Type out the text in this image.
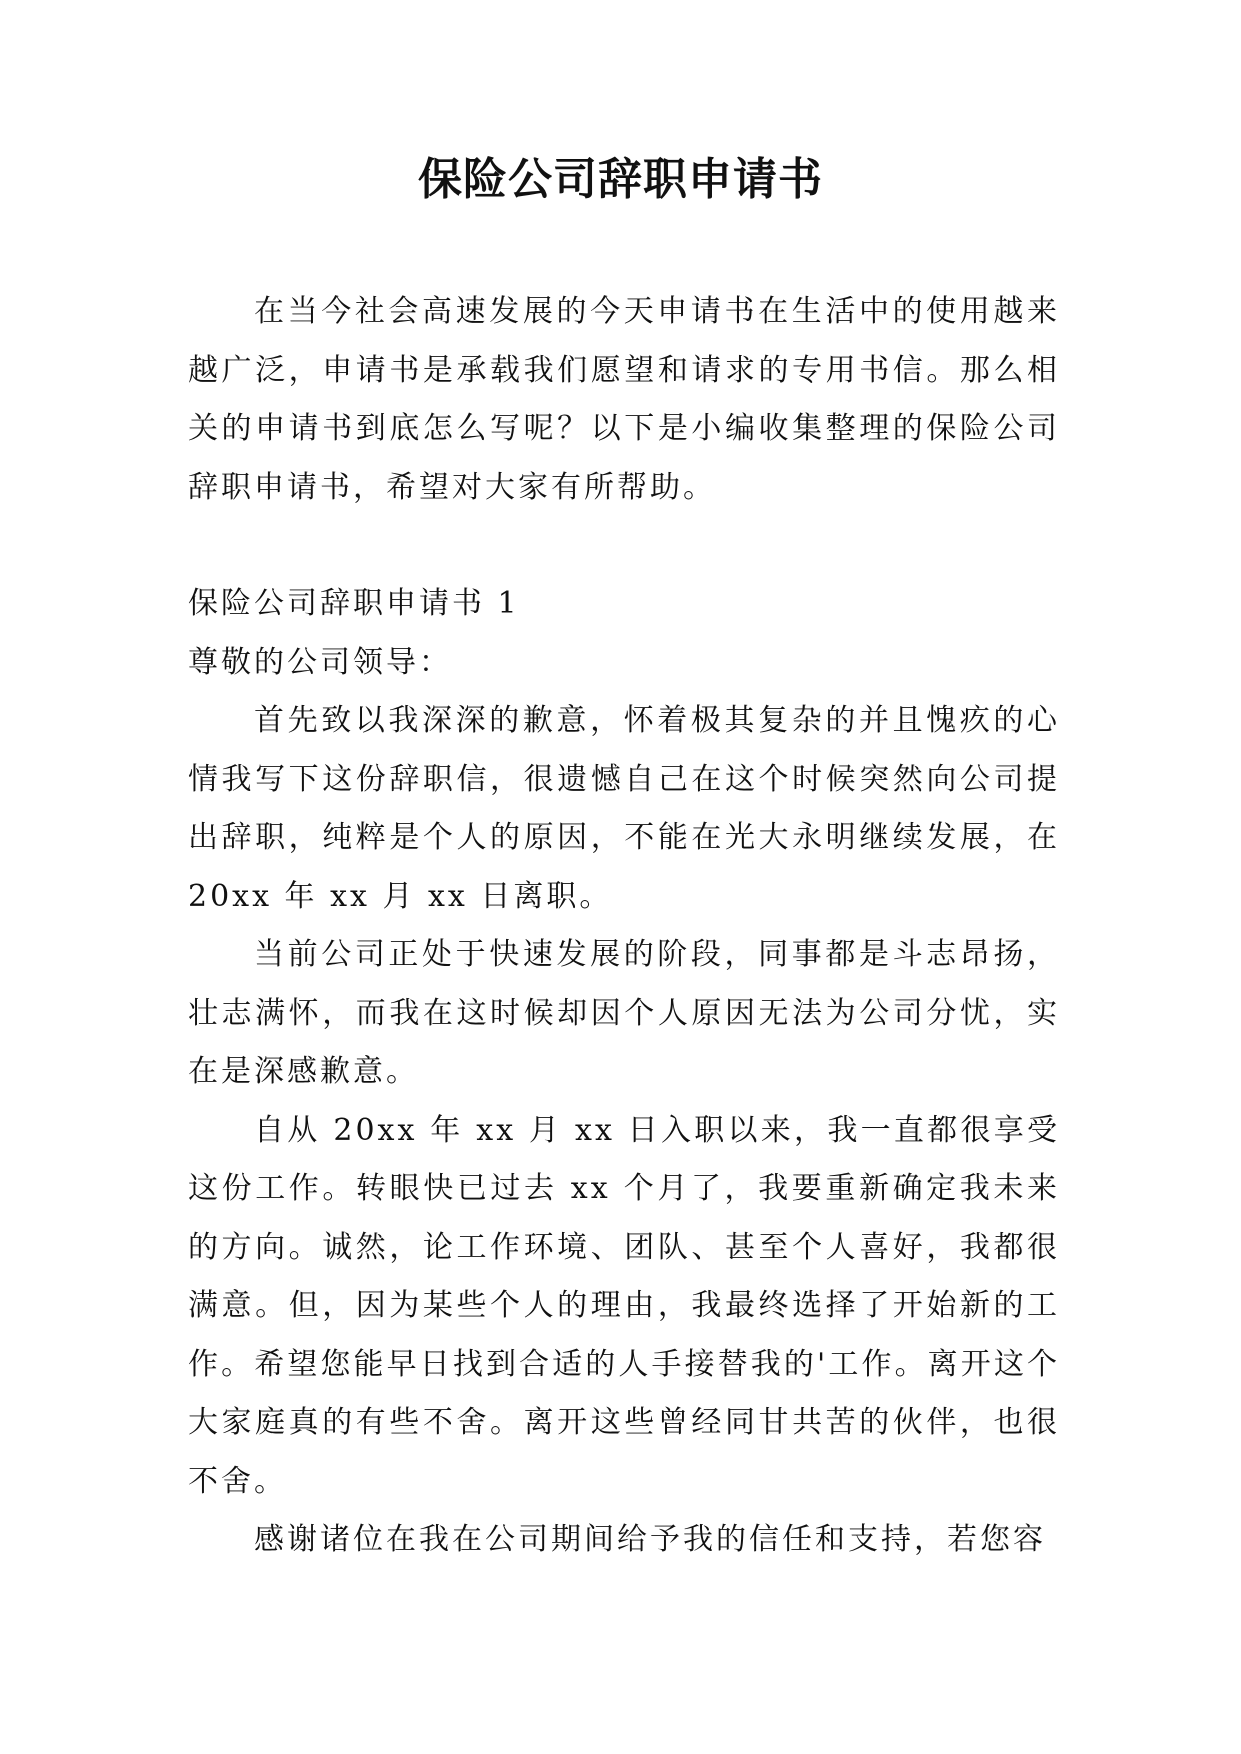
保险公司辞职申请书

在当今社会高速发展的今天申请书在生活中的使用越来越广泛，申请书是承载我们愿望和请求的专用书信。那么相关的申请书到底怎么写呢？以下是小编收集整理的保险公司辞职申请书，希望对大家有所帮助。

保险公司辞职申请书 1

尊敬的公司领导：

首先致以我深深的歉意，怀着极其复杂的并且愧疚的心情我写下这份辞职信，很遗憾自己在这个时候突然向公司提出辞职，纯粹是个人的原因，不能在光大永明继续发展，在 20xx 年 xx 月 xx 日离职。

当前公司正处于快速发展的阶段，同事都是斗志昂扬，壮志满怀，而我在这时候却因个人原因无法为公司分忧，实在是深感歉意。

自从 20xx 年 xx 月 xx 日入职以来，我一直都很享受这份工作。转眼快已过去 xx 个月了，我要重新确定我未来的方向。诚然，论工作环境、团队、甚至个人喜好，我都很满意。但，因为某些个人的理由，我最终选择了开始新的工作。希望您能早日找到合适的人手接替我的'工作。离开这个大家庭真的有些不舍。离开这些曾经同甘共苦的伙伴，也很不舍。

感谢诸位在我在公司期间给予我的信任和支持，若您容
